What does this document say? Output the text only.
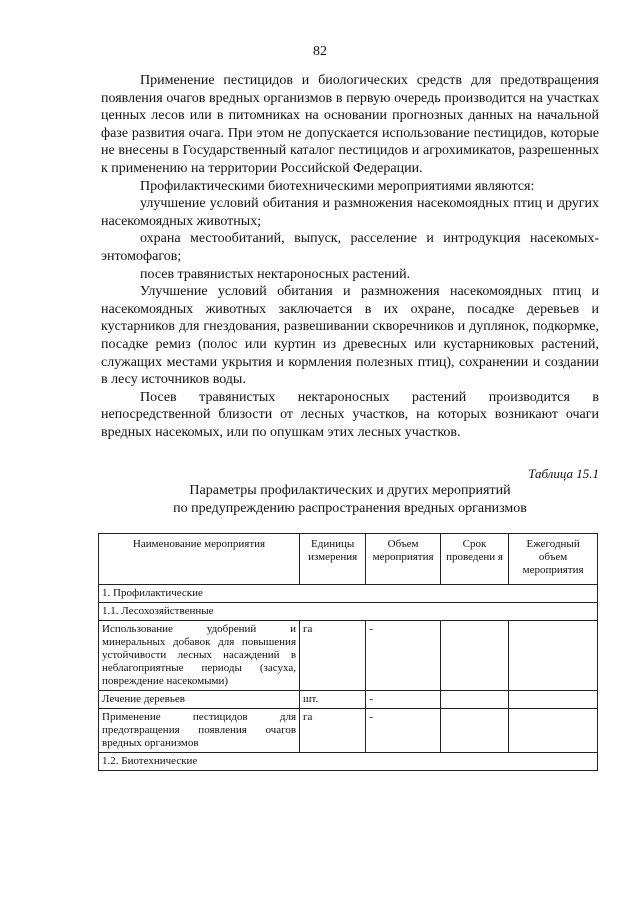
82

Применение пестицидов и биологических средств для предотвращения появления очагов вредных организмов в первую очередь производится на участках ценных лесов или в питомниках на основании прогнозных данных на начальной фазе развития очага. При этом не допускается использование пестицидов, которые не внесены в Государственный каталог пестицидов и агрохимикатов, разрешенных к применению на территории Российской Федерации.

Профилактическими биотехническими мероприятиями являются:

улучшение условий обитания и размножения насекомоядных птиц и других насекомоядных животных;

охрана местообитаний, выпуск, расселение и интродукция насекомых-энтомофагов;

посев травянистых нектароносных растений.

Улучшение условий обитания и размножения насекомоядных птиц и насекомоядных животных заключается в их охране, посадке деревьев и кустарников для гнездования, развешивании скворечников и дуплянок, подкормке, посадке ремиз (полос или куртин из древесных или кустарниковых растений, служащих местами укрытия и кормления полезных птиц), сохранении и создании в лесу источников воды.

Посев травянистых нектароносных растений производится в непосредственной близости от лесных участков, на которых возникают очаги вредных насекомых, или по опушкам этих лесных участков.

Таблица 15.1
Параметры профилактических и других мероприятий
по предупреждению распространения вредных организмов
Наименование мероприятия	Единицы измерения	Объем мероприятия	Срок проведени я	Ежегодный объем мероприятия
1. Профилактические				
1.1. Лесохозяйственные				
Использование удобрений и минеральных добавок для повышения устойчивости лесных насаждений в неблагоприятные периоды (засуха, повреждение насекомыми)	га	-		
Лечение деревьев	шт.	-		
Применение пестицидов для предотвращения появления очагов вредных организмов	га	-		
1.2. Биотехнические				
